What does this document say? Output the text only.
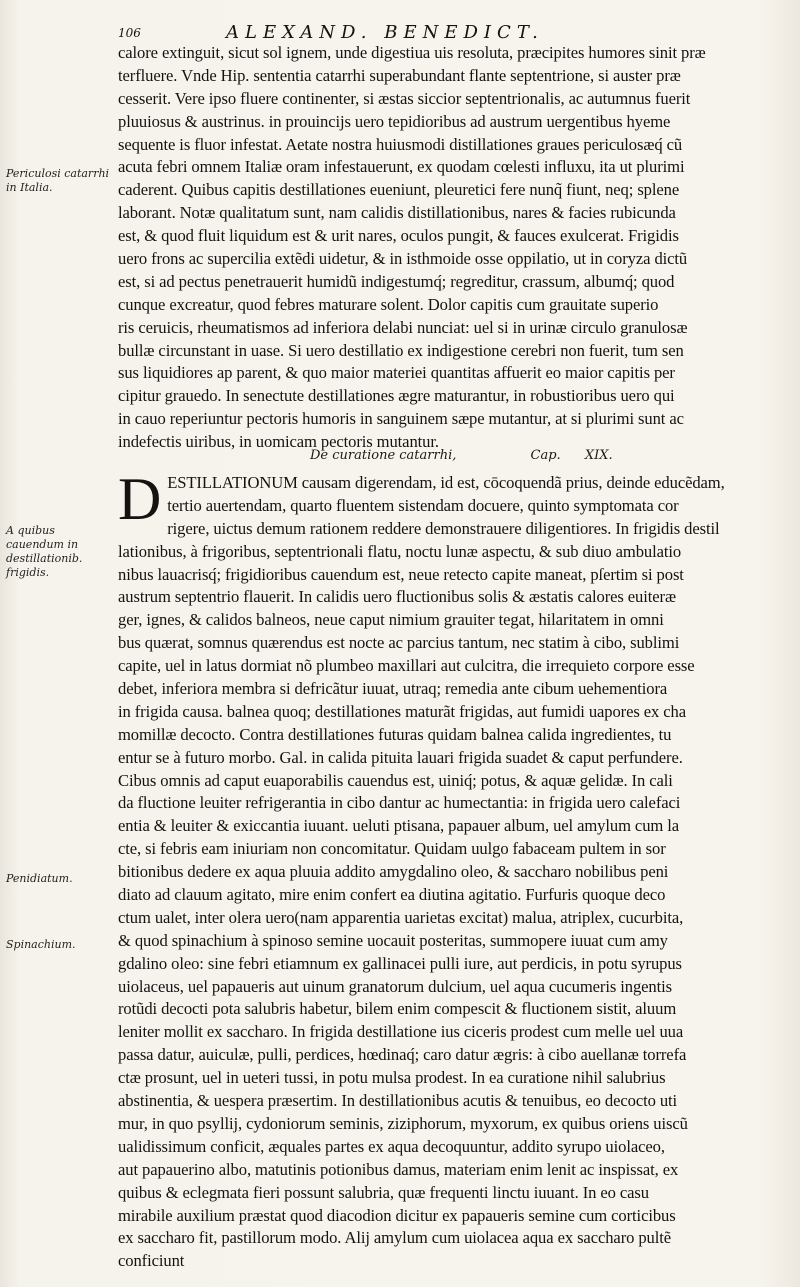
106	ALEXAND. BENEDICT.
Periculosi catarrhi in Italia.
A quibus cauendum in destillationib. frigidis.
Penidiatum.
Spinachium.
calore extinguit, sicut sol ignem, unde digestiua uis resoluta, præcipites humores sinit præ
terfluere. Vnde Hip. sententia catarrhi superabundant flante septentrione, si auster præ
cesserit. Vere ipso fluere continenter, si æstas siccior septentrionalis, ac autumnus fuerit
pluuiosus & austrinus. in prouincijs uero tepidioribus ad austrum uergentibus hyeme
sequente is fluor infestat. Aetate nostra huiusmodi distillationes graues periculosæq́ cũ
acuta febri omnem Italiæ oram infestauerunt, ex quodam cœlesti influxu, ita ut plurimi
caderent. Quibus capitis destillationes eueniunt, pleuretici fere nunq̃ fiunt, neq; splene
laborant. Notæ qualitatum sunt, nam calidis distillationibus, nares & facies rubicunda
est, & quod fluit liquidum est & urit nares, oculos pungit, & fauces exulcerat. Frigidis
uero frons ac supercilia extẽdi uidetur, & in isthmoide osse oppilatio, ut in coryza dictũ
est, si ad pectus penetrauerit humidũ indigestumq́; regreditur, crassum, albumq́; quod
cunque excreatur, quod febres maturare solent. Dolor capitis cum grauitate superio
ris ceruicis, rheumatismos ad inferiora delabi nunciat: uel si in urinæ circulo granulosæ
bullæ circunstant in uase. Si uero destillatio ex indigestione cerebri non fuerit, tum sen
sus liquidiores ap parent, & quo maior materiei quantitas affuerit eo maior capitis per
cipitur grauedo. In senectute destillationes ægre maturantur, in robustioribus uero qui
in cauo reperiuntur pectoris humoris in sanguinem sæpe mutantur, at si plurimi sunt ac
indefectis uiribus, in uomicam pectoris mutantur.
De curatione catarrhi,	Cap. XIX.
D ESTILLATIONUM causam digerendam, id est, cōcoquendã prius, deinde educẽdam,
tertio auertendam, quarto fluentem sistendam docuere, quinto symptomata cor
rigere, uictus demum rationem reddere demonstrauere diligentiores. In frigidis destil
lationibus, à frigoribus, septentrionali flatu, noctu lunæ aspectu, & sub diuo ambulatio
nibus lauacrisq́; frigidioribus cauendum est, neue retecto capite maneat, pſertim si post
austrum septentrio flauerit. In calidis uero fluctionibus solis & æstatis calores euiteræ
ger, ignes, & calidos balneos, neue caput nimium grauiter tegat, hilaritatem in omni
bus quærat, somnus quærendus est nocte ac parcius tantum, nec statim à cibo, sublimi
capite, uel in latus dormiat nõ plumbeo maxillari aut culcitra, die irrequieto corpore esse
debet, inferiora membra si defricãtur iuuat, utraq; remedia ante cibum uehementiora
in frigida causa. balnea quoq; destillationes maturãt frigidas, aut fumidi uapores ex cha
momillæ decocto. Contra destillationes futuras quidam balnea calida ingredientes, tu
entur se à futuro morbo. Gal. in calida pituita lauari frigida suadet & caput perfundere.
Cibus omnis ad caput euaporabilis cauendus est, uiniq́; potus, & aquæ gelidæ. In cali
da fluctione leuiter refrigerantia in cibo dantur ac humectantia: in frigida uero calefaci
entia & leuiter & exiccantia iuuant. ueluti ptisana, papauer album, uel amylum cum la
cte, si febris eam iniuriam non concomitatur. Quidam uulgo fabaceam pultem in sor
bitionibus dedere ex aqua pluuia addito amygdalino oleo, & saccharo nobilibus peni
diato ad clauum agitato, mire enim confert ea diutina agitatio. Furfuris quoque deco
ctum ualet, inter olera uero(nam apparentia uarietas excitat) malua, atriplex, cucurbita,
& quod spinachium à spinoso semine uocauit posteritas, summopere iuuat cum amy
gdalino oleo: sine febri etiamnum ex gallinacei pulli iure, aut perdicis, in potu syrupus
uiolaceus, uel papaueris aut uinum granatorum dulcium, uel aqua cucumeris ingentis
rotũdi decocti pota salubris habetur, bilem enim compescit & fluctionem sistit, aluum
leniter mollit ex saccharo. In frigida destillatione ius ciceris prodest cum melle uel uua
passa datur, auiculæ, pulli, perdices, hœdinaq́; caro datur ægris: à cibo auellanæ torrefa
ctæ prosunt, uel in ueteri tussi, in potu mulsa prodest. In ea curatione nihil salubrius
abstinentia, & uespera præsertim. In destillationibus acutis & tenuibus, eo decocto uti
mur, in quo psyllij, cydoniorum seminis, ziziphorum, myxorum, ex quibus oriens uiscũ
ualidissimum conficit, æquales partes ex aqua decoquuntur, addito syrupo uiolaceo,
aut papauerino albo, matutinis potionibus damus, materiam enim lenit ac inspissat, ex
quibus & eclegmata fieri possunt salubria, quæ frequenti linctu iuuant. In eo casu
mirabile auxilium præstat quod diacodion dicitur ex papaueris semine cum corticibus
ex saccharo fit, pastillorum modo. Alij amylum cum uiolacea aqua ex saccharo pultẽ
conficiunt
